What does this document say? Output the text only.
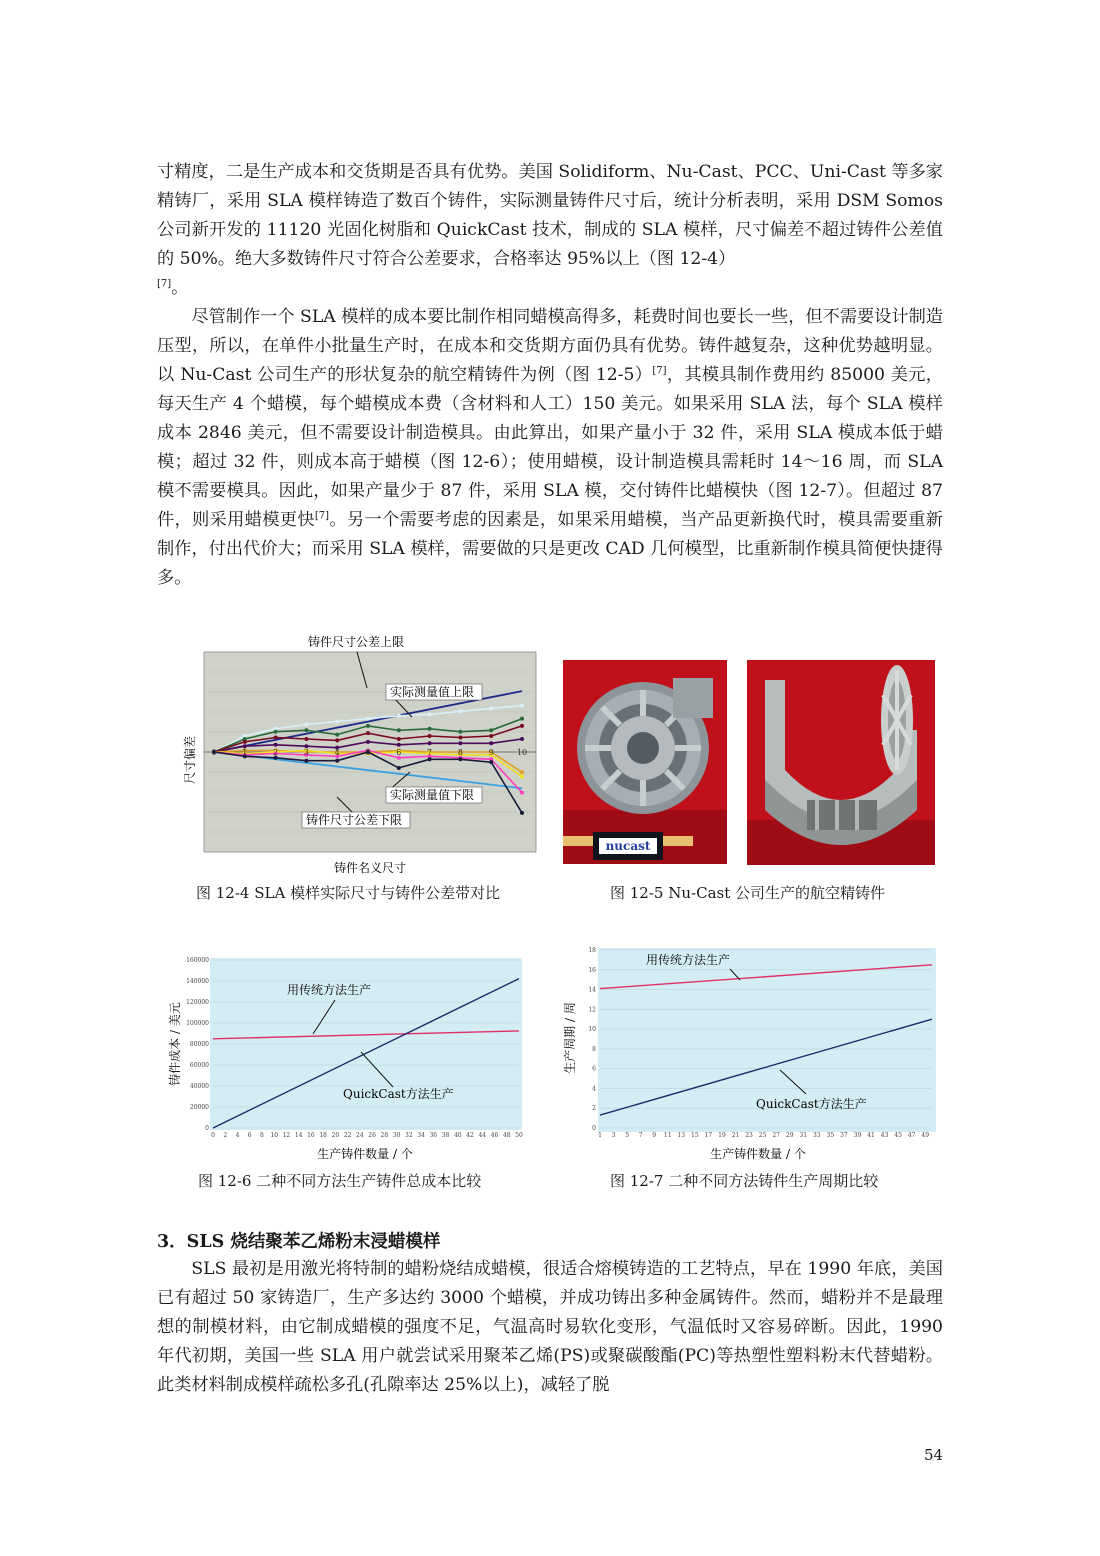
寸精度，二是生产成本和交货期是否具有优势。美国 Solidiform、Nu-Cast、PCC、Uni-Cast 等多家精铸厂，采用 SLA 模样铸造了数百个铸件，实际测量铸件尺寸后，统计分析表明，采用 DSM Somos 公司新开发的 11120 光固化树脂和 QuickCast 技术，制成的 SLA 模样，尺寸偏差不超过铸件公差值的 50%。绝大多数铸件尺寸符合公差要求，合格率达 95%以上（图 12-4）
[7]。

尽管制作一个 SLA 模样的成本要比制作相同蜡模高得多，耗费时间也要长一些，但不需要设计制造压型，所以，在单件小批量生产时，在成本和交货期方面仍具有优势。铸件越复杂，这种优势越明显。以 Nu-Cast 公司生产的形状复杂的航空精铸件为例（图 12-5）[7]，其模具制作费用约 85000 美元，每天生产 4 个蜡模，每个蜡模成本费（含材料和人工）150 美元。如果采用 SLA 法，每个 SLA 模样成本 2846 美元，但不需要设计制造模具。由此算出，如果产量小于 32 件，采用 SLA 模成本低于蜡模；超过 32 件，则成本高于蜡模（图 12-6）；使用蜡模，设计制造模具需耗时 14～16 周，而 SLA 模不需要模具。因此，如果产量少于 87 件，采用 SLA 模，交付铸件比蜡模快（图 12-7）。但超过 87 件，则采用蜡模更快[7]。另一个需要考虑的因素是，如果采用蜡模，当产品更新换代时，模具需要重新制作，付出代价大；而采用 SLA 模样，需要做的只是更改 CAD 几何模型，比重新制作模具简便快捷得多。

尺寸偏差 0	1	2	3	4	5	6	7	8	9	10
铸件尺寸公差上限
实际测量值上限
实际测量值下限
铸件尺寸公差下限
铸件名义尺寸
nucast
图 12-4 SLA 模样实际尺寸与铸件公差带对比	图 12-5 Nu-Cast 公司生产的航空精铸件
0
20000
40000
60000
80000
100000
120000
140000
160000
0 2 4 6 8 10 12 14 16 18 20 22 24 26 28 30 32 34 36 38 40 42 44 46 48 50
用传统方法生产
QuickCast方法生产
铸件成本 / 美元
生产铸件数量 / 个
0
2
4
6
8
10
12
14
16
18
1 3 5 7 9 11 13 15 17 19 21 23 25 27 29 31 33 35 37 39 41 43 45 47 49
用传统方法生产
QuickCast方法生产
生产周期 / 周
生产铸件数量 / 个
图 12-6 二种不同方法生产铸件总成本比较	图 12-7 二种不同方法铸件生产周期比较
3．SLS 烧结聚苯乙烯粉末浸蜡模样

SLS 最初是用激光将特制的蜡粉烧结成蜡模，很适合熔模铸造的工艺特点，早在 1990 年底，美国已有超过 50 家铸造厂，生产多达约 3000 个蜡模，并成功铸出多种金属铸件。然而，蜡粉并不是最理想的制模材料，由它制成蜡模的强度不足，气温高时易软化变形，气温低时又容易碎断。因此，1990 年代初期，美国一些 SLA 用户就尝试采用聚苯乙烯(PS)或聚碳酸酯(PC)等热塑性塑料粉末代替蜡粉。此类材料制成模样疏松多孔(孔隙率达 25%以上)，减轻了脱

54
